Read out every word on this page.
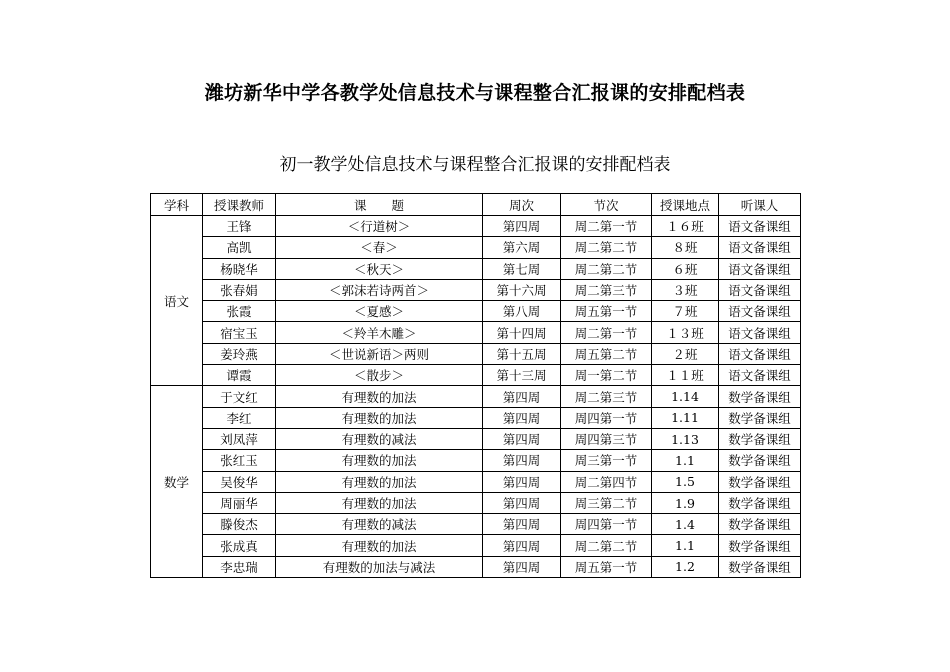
潍坊新华中学各教学处信息技术与课程整合汇报课的安排配档表
初一教学处信息技术与课程整合汇报课的安排配档表
学科	授课教师	课　　题	周次	节次	授课地点	听课人
语文	王锋	＜行道树＞	第四周	周二第一节	１６班	语文备课组
	高凯	＜春＞	第六周	周二第二节	８班	语文备课组
	杨晓华	＜秋天＞	第七周	周二第二节	６班	语文备课组
	张春娟	＜郭沫若诗两首＞	第十六周	周二第三节	３班	语文备课组
	张霞	＜夏感＞	第八周	周五第一节	７班	语文备课组
	宿宝玉	＜羚羊木雕＞	第十四周	周二第一节	１３班	语文备课组
	姜玲燕	＜世说新语＞两则	第十五周	周五第二节	２班	语文备课组
	谭霞	＜散步＞	第十三周	周一第二节	１１班	语文备课组
数学	于文红	有理数的加法	第四周	周二第三节	1.14	数学备课组
	李红	有理数的加法	第四周	周四第一节	1.11	数学备课组
	刘凤萍	有理数的减法	第四周	周四第三节	1.13	数学备课组
	张红玉	有理数的加法	第四周	周三第一节	1.1	数学备课组
	吴俊华	有理数的加法	第四周	周二第四节	1.5	数学备课组
	周丽华	有理数的加法	第四周	周三第二节	1.9	数学备课组
	滕俊杰	有理数的减法	第四周	周四第一节	1.4	数学备课组
	张成真	有理数的加法	第四周	周二第二节	1.1	数学备课组
	李忠瑞	有理数的加法与减法	第四周	周五第一节	1.2	数学备课组
